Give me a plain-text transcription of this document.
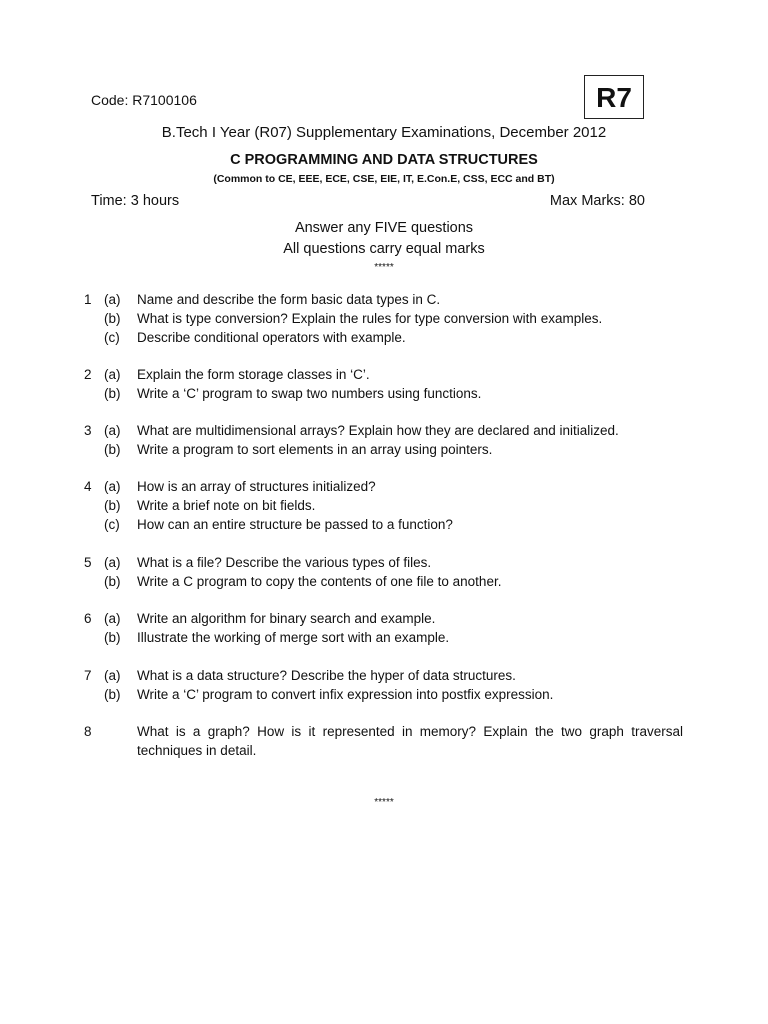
Code: R7100106	R7
B.Tech I Year (R07) Supplementary Examinations, December 2012
C PROGRAMMING AND DATA STRUCTURES
(Common to CE, EEE, ECE, CSE, EIE, IT, E.Con.E, CSS, ECC and BT)
Time: 3 hours	Max Marks: 80
Answer any FIVE questions
All questions carry equal marks
*****
1 (a) Name and describe the form basic data types in C.
(b) What is type conversion? Explain the rules for type conversion with examples.
(c) Describe conditional operators with example.
2 (a) Explain the form storage classes in ‘C’.
(b) Write a ‘C’ program to swap two numbers using functions.
3 (a) What are multidimensional arrays? Explain how they are declared and initialized.
(b) Write a program to sort elements in an array using pointers.
4 (a) How is an array of structures initialized?
(b) Write a brief note on bit fields.
(c) How can an entire structure be passed to a function?
5 (a) What is a file? Describe the various types of files.
(b) Write a C program to copy the contents of one file to another.
6 (a) Write an algorithm for binary search and example.
(b) Illustrate the working of merge sort with an example.
7 (a) What is a data structure? Describe the hyper of data structures.
(b) Write a ‘C’ program to convert infix expression into postfix expression.
8	What is a graph? How is it represented in memory? Explain the two graph traversal techniques in detail.
*****
